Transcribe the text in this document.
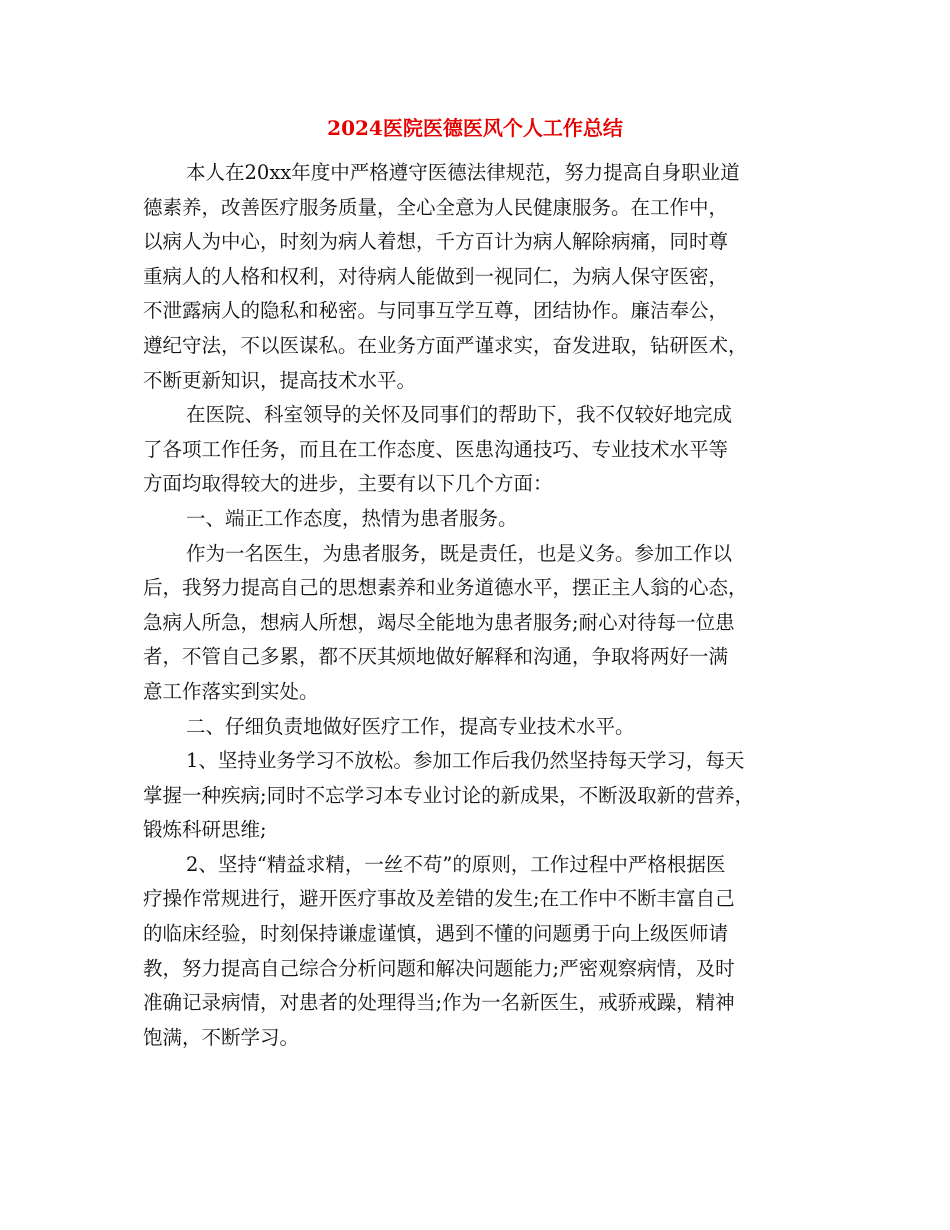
2024医院医德医风个人工作总结

本人在20xx年度中严格遵守医德法律规范，努力提高自身职业道

德素养，改善医疗服务质量，全心全意为人民健康服务。在工作中，

以病人为中心，时刻为病人着想，千方百计为病人解除病痛，同时尊

重病人的人格和权利，对待病人能做到一视同仁，为病人保守医密，

不泄露病人的隐私和秘密。与同事互学互尊，团结协作。廉洁奉公，

遵纪守法，不以医谋私。在业务方面严谨求实，奋发进取，钻研医术，

不断更新知识，提高技术水平。

在医院、科室领导的关怀及同事们的帮助下，我不仅较好地完成

了各项工作任务，而且在工作态度、医患沟通技巧、专业技术水平等

方面均取得较大的进步，主要有以下几个方面：

一、端正工作态度，热情为患者服务。

作为一名医生，为患者服务，既是责任，也是义务。参加工作以

后，我努力提高自己的思想素养和业务道德水平，摆正主人翁的心态，

急病人所急，想病人所想，竭尽全能地为患者服务;耐心对待每一位患

者，不管自己多累，都不厌其烦地做好解释和沟通，争取将两好一满

意工作落实到实处。

二、仔细负责地做好医疗工作，提高专业技术水平。

1、坚持业务学习不放松。参加工作后我仍然坚持每天学习，每天

掌握一种疾病;同时不忘学习本专业讨论的新成果，不断汲取新的营养，

锻炼科研思维;

2、坚持“精益求精，一丝不苟”的原则，工作过程中严格根据医

疗操作常规进行，避开医疗事故及差错的发生;在工作中不断丰富自己

的临床经验，时刻保持谦虚谨慎，遇到不懂的问题勇于向上级医师请

教，努力提高自己综合分析问题和解决问题能力;严密观察病情，及时

准确记录病情，对患者的处理得当;作为一名新医生，戒骄戒躁，精神

饱满，不断学习。
